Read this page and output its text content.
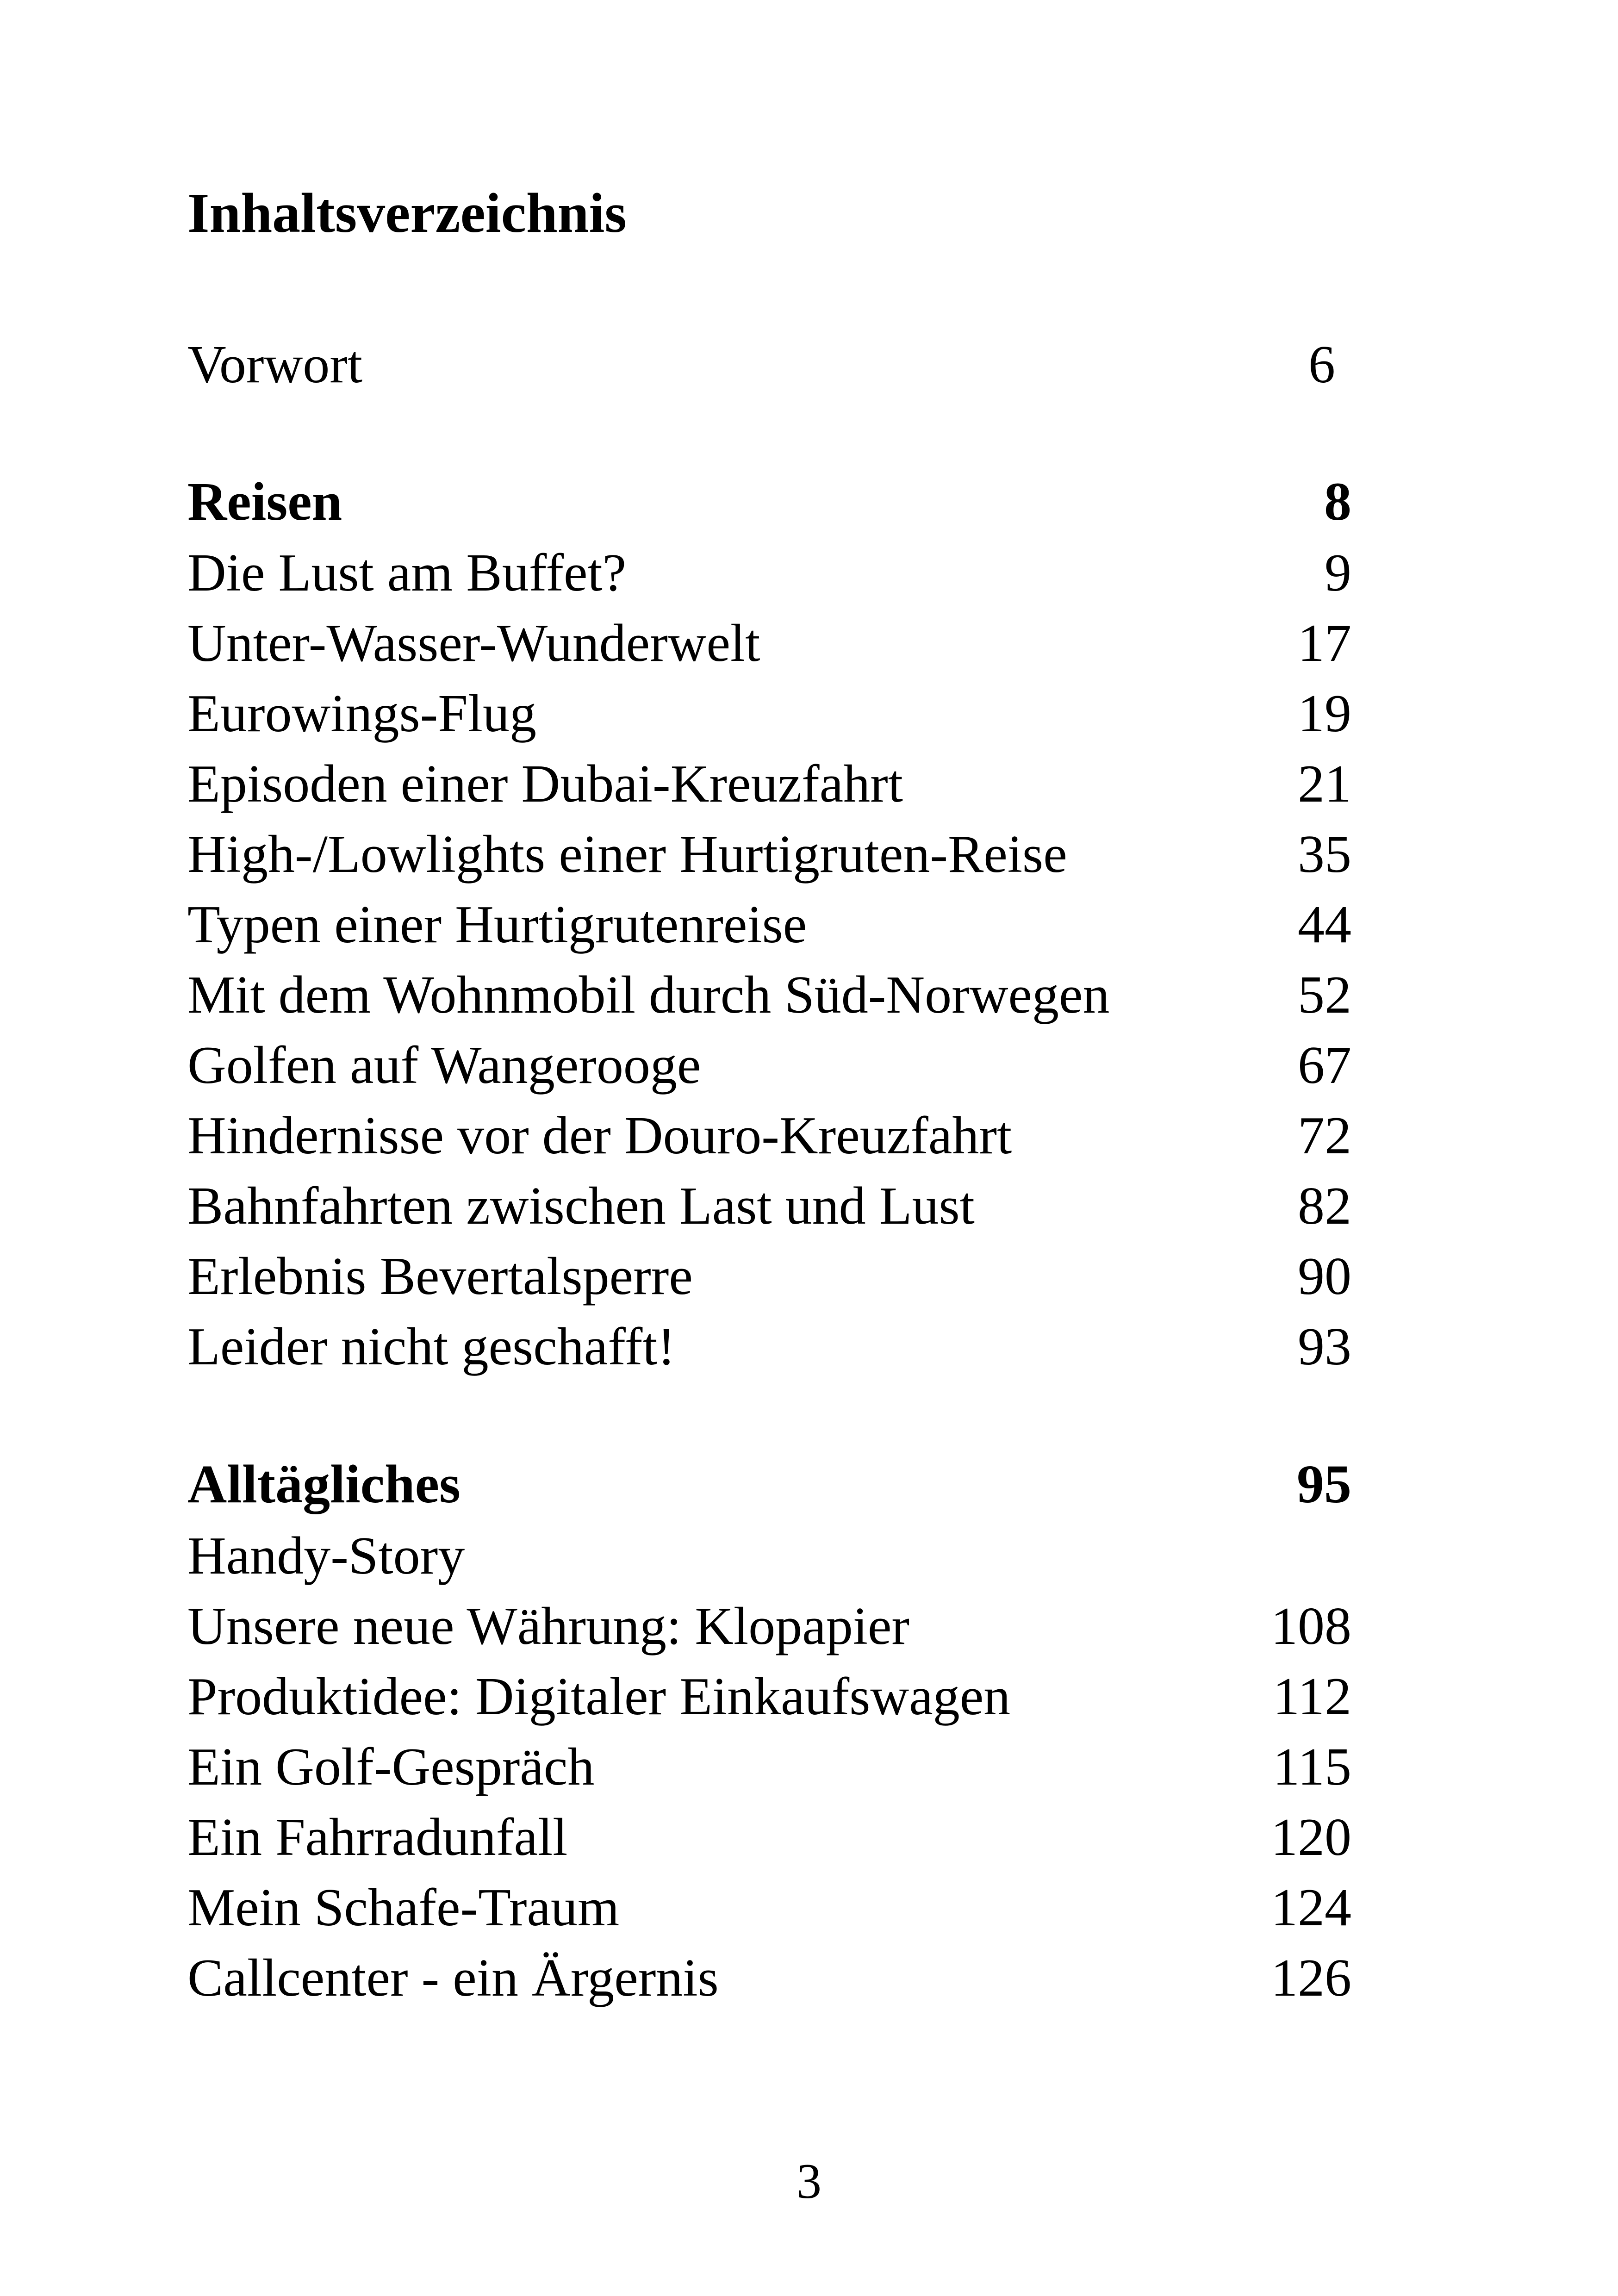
Inhaltsverzeichnis
Vorwort	6
Reisen	8
Die Lust am Buffet?	9
Unter-Wasser-Wunderwelt	17
Eurowings-Flug	19
Episoden einer Dubai-Kreuzfahrt	21
High-/Lowlights einer Hurtigruten-Reise	35
Typen einer Hurtigrutenreise	44
Mit dem Wohnmobil durch Süd-Norwegen	52
Golfen auf Wangerooge	67
Hindernisse vor der Douro-Kreuzfahrt	72
Bahnfahrten zwischen Last und Lust	82
Erlebnis Bevertalsperre	90
Leider nicht geschafft!	93
Alltägliches	95
Handy-Story
Unsere neue Währung: Klopapier	108
Produktidee: Digitaler Einkaufswagen	112
Ein Golf-Gespräch	115
Ein Fahrradunfall	120
Mein Schafe-Traum	124
Callcenter - ein Ärgernis	126
3
